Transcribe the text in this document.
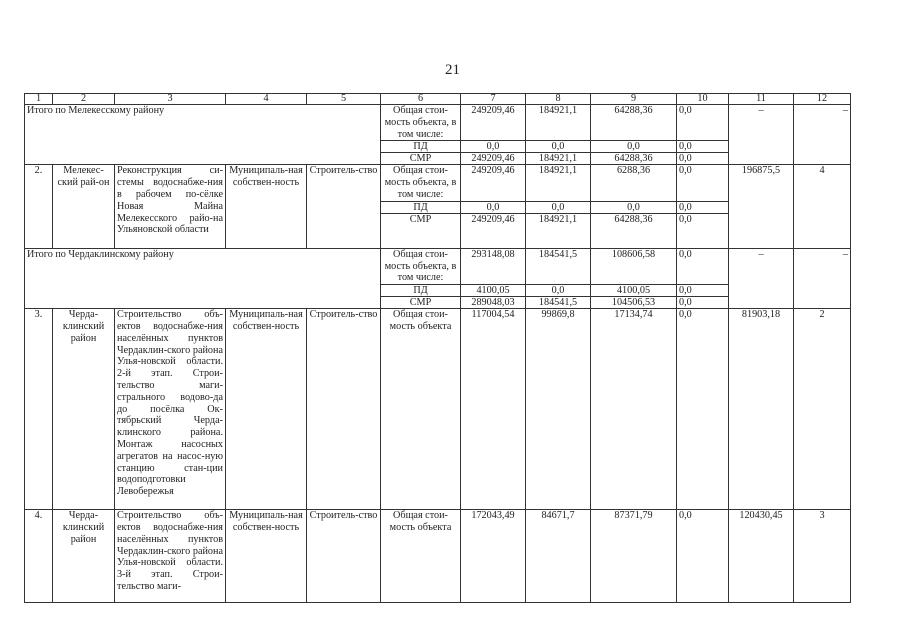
21
1	2	3	4	5	6	7	8	9	10	11	12
Итого по Мелекесскому району					Общая стои-мость объекта, в том числе:	249209,46	184921,1	64288,36	0,0	–	–
					ПД	0,0	0,0	0,0	0,0		
					СМР	249209,46	184921,1	64288,36	0,0		
2.	Мелекес-ский рай-он	Реконструкция си-стемы водоснабже-ния в рабочем по-сёлке Новая Майна Мелекесского райо-на Ульяновской области	Муниципаль-ная собствен-ность	Строитель-ство	Общая стои-мость объекта, в том числе:	249209,46	184921,1	6288,36	0,0	196875,5	4
					ПД	0,0	0,0	0,0	0,0		
					СМР	249209,46	184921,1	64288,36	0,0		
Итого по Чердаклинскому району					Общая стои-мость объекта, в том числе:	293148,08	184541,5	108606,58	0,0	–	–
					ПД	4100,05	0,0	4100,05	0,0		
					СМР	289048,03	184541,5	104506,53	0,0		
3.	Черда-клинский район	Строительство объ-ектов водоснабже-ния населённых пунктов Чердаклин-ского района Улья-новской области. 2-й этап. Строи-тельство маги-стрального водово-да до посёлка Ок-тябрьский Черда-клинского района. Монтаж насосных агрегатов на насос-ную станцию стан-ции водоподготовки Левобережья	Муниципаль-ная собствен-ность	Строитель-ство	Общая стои-мость объекта	117004,54	99869,8	17134,74	0,0	81903,18	2
4.	Черда-клинский район	Строительство объ-ектов водоснабже-ния населённых пунктов Чердаклин-ского района Улья-новской области. 3-й этап. Строи-тельство маги-	Муниципаль-ная собствен-ность	Строитель-ство	Общая стои-мость объекта	172043,49	84671,7	87371,79	0,0	120430,45	3
